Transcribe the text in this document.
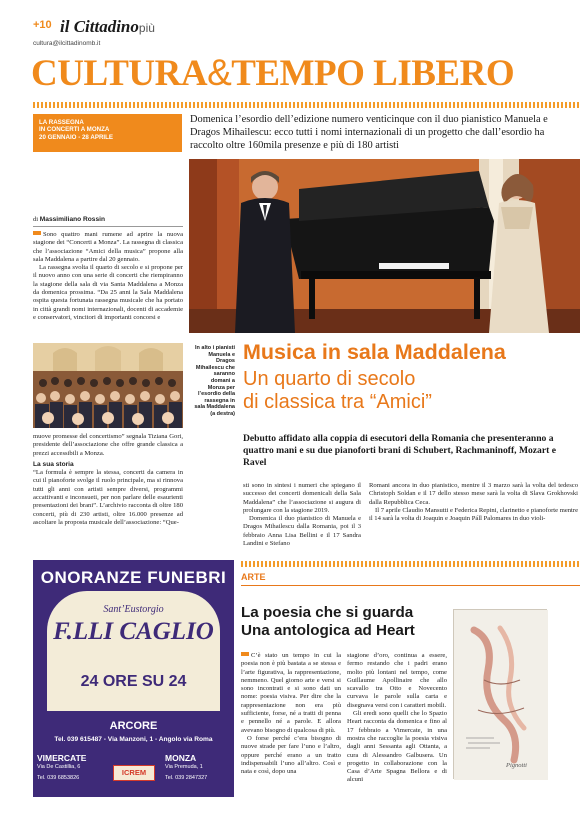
+10 il Cittadinopiù
cultura@ilcittadinomb.it
CULTURA&TEMPO LIBERO
LA RASSEGNA
IN CONCERTI A MONZA
20 GENNAIO - 28 APRILE
Domenica l’esordio dell’edizione numero venticinque con il duo pianistico Manuela e Dragos Mihailescu: ecco tutti i nomi internazionali di un progetto che dall’esordio ha raccolto oltre 160mila presenze e più di 180 artisti
di Massimiliano Rossin

Sono quattro mani rumene ad aprire la nuova stagione dei “Concerti a Monza”. La rassegna di classica che l’associazione “Amici della musica” propone alla sala Maddalena a partire dal 20 gennaio.

La rassegna svolta il quarto di secolo e si propone per il nuovo anno con una serie di concerti che riempiranno la stagione della sala di via Santa Maddalena a Monza da domenica prossima. “Da 25 anni la Sala Maddalena ospita questa fortunata rassegna musicale che ha portato in città grandi nomi internazionali, docenti di accademie e conservatori, vincitori di importanti concorsi e

muove promesse del concertismo” segnala Tiziana Gori, presidente dell’associazione che offre grande classica a prezzi accessibili a Monza.

La sua storia

“La formula è sempre la stessa, concerti da camera in cui il pianoforte svolge il ruolo principale, ma si rinnova tutti gli anni con artisti sempre diversi, programmi accattivanti e inconsueti, per non parlare delle esaurienti presentazioni dei brani”. L’archivio racconta di oltre 180 concerti, più di 230 artisti, oltre 16.000 presenze ad ascoltare la proposta musicale dell’associazione: “Que-

In alto i pianisti Manuela e Dragos Mihailescu che saranno domani a Monza per l’esordio della rassegna in sala Maddalena (a destra)
Musica in sala Maddalena
Un quarto di secolo
di classica tra “Amici”
Debutto affidato alla coppia di esecutori della Romania che presenteranno a quattro mani e su due pianoforti brani di Schubert, Rachmaninoff, Mozart e Ravel

sti sono in sintesi i numeri che spiegano il successo dei concerti domenicali della Sala Maddalena” che l’associazione si augura di prolungare con la stagione 2019.

Domenica il duo pianistico di Manuela e Dragos Mihailescu dalla Romania, poi il 3 febbraio Anna Lisa Bellini e il 17 Sandra Landini e Stefano

Romani ancora in duo pianistico, mentre il 3 marzo sarà la volta del tedesco Christoph Soldan e il 17 dello stesso mese sarà la volta di Slava Grokhovski dalla Repubblica Ceca.

Il 7 aprile Claudio Mansutti e Federica Repini, clarinetto e pianoforte mentre il 14 sarà la volta di Joaquin e Joaquin Páll Palomares in duo violi-

ONORANZE FUNEBRI
Sant’Eustorgio
F.LLI CAGLIO
24 ORE SU 24
ARCORE
Tel. 039 615487 - Via Manzoni, 1 - Angolo via Roma
VIMERCATE
Via De Castillia, 6
Tel. 039 6853826
ICREM
MONZA
Via Premuda, 1
Tel. 039 2847327
ARTE
La poesia che si guarda
Una antologica ad Heart

C’è stato un tempo in cui la poesia non è più bastata a se stessa e l’arte figurativa, la rappresentazione, nemmeno. Quel giorno arte e versi si sono incontrati e si sono dati un nome: poesia visiva. Per dire che la rappresentazione non era più sufficiente, forse, né a tratti di penna e pennello né a parole. E allora avevano bisogno di qualcosa di più.

O forse perché c’era bisogno di nuove strade per fare l’uno e l’altro, oppure perché erano a un tratto indispensabili l’uno all’altro. Così e nata e così, dopo una

stagione d’oro, continua a essere, fermo restando che i padri erano molto più lontani nel tempo, come Guillaume Apollinaire che allo scavallo tra Otto e Novecento curvava le parole sulla carta e disegnava versi con i caratteri mobili.

Gli eredi sono quelli che lo Spazio Heart racconta da domenica e fino al 17 febbraio a Vimercate, in una mostra che raccoglie la poesia visiva dagli anni Sessanta agli Ottanta, a cura di Alessandro Galbusera. Un progetto in collaborazione con la Casa d’Arte Spagna Bellora e di alcuni

Pignotti
